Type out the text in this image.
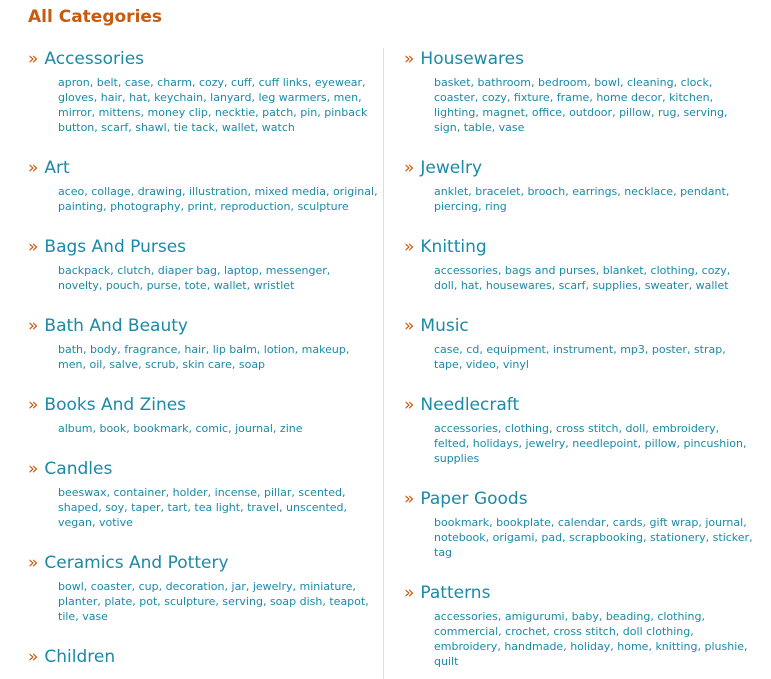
All Categories
» Accessories
apron, belt, case, charm, cozy, cuff, cuff links, eyewear, gloves, hair, hat, keychain, lanyard, leg warmers, men, mirror, mittens, money clip, necktie, patch, pin, pinback button, scarf, shawl, tie tack, wallet, watch
» Art
aceo, collage, drawing, illustration, mixed media, original, painting, photography, print, reproduction, sculpture
» Bags And Purses
backpack, clutch, diaper bag, laptop, messenger, novelty, pouch, purse, tote, wallet, wristlet
» Bath And Beauty
bath, body, fragrance, hair, lip balm, lotion, makeup, men, oil, salve, scrub, skin care, soap
» Books And Zines
album, book, bookmark, comic, journal, zine
» Candles
beeswax, container, holder, incense, pillar, scented, shaped, soy, taper, tart, tea light, travel, unscented, vegan, votive
» Ceramics And Pottery
bowl, coaster, cup, decoration, jar, jewelry, miniature, planter, plate, pot, sculpture, serving, soap dish, teapot, tile, vase
» Children
» Housewares
basket, bathroom, bedroom, bowl, cleaning, clock, coaster, cozy, fixture, frame, home decor, kitchen, lighting, magnet, office, outdoor, pillow, rug, serving, sign, table, vase
» Jewelry
anklet, bracelet, brooch, earrings, necklace, pendant, piercing, ring
» Knitting
accessories, bags and purses, blanket, clothing, cozy, doll, hat, housewares, scarf, supplies, sweater, wallet
» Music
case, cd, equipment, instrument, mp3, poster, strap, tape, video, vinyl
» Needlecraft
accessories, clothing, cross stitch, doll, embroidery, felted, holidays, jewelry, needlepoint, pillow, pincushion, supplies
» Paper Goods
bookmark, bookplate, calendar, cards, gift wrap, journal, notebook, origami, pad, scrapbooking, stationery, sticker, tag
» Patterns
accessories, amigurumi, baby, beading, clothing, commercial, crochet, cross stitch, doll clothing, embroidery, handmade, holiday, home, knitting, plushie, quilt
